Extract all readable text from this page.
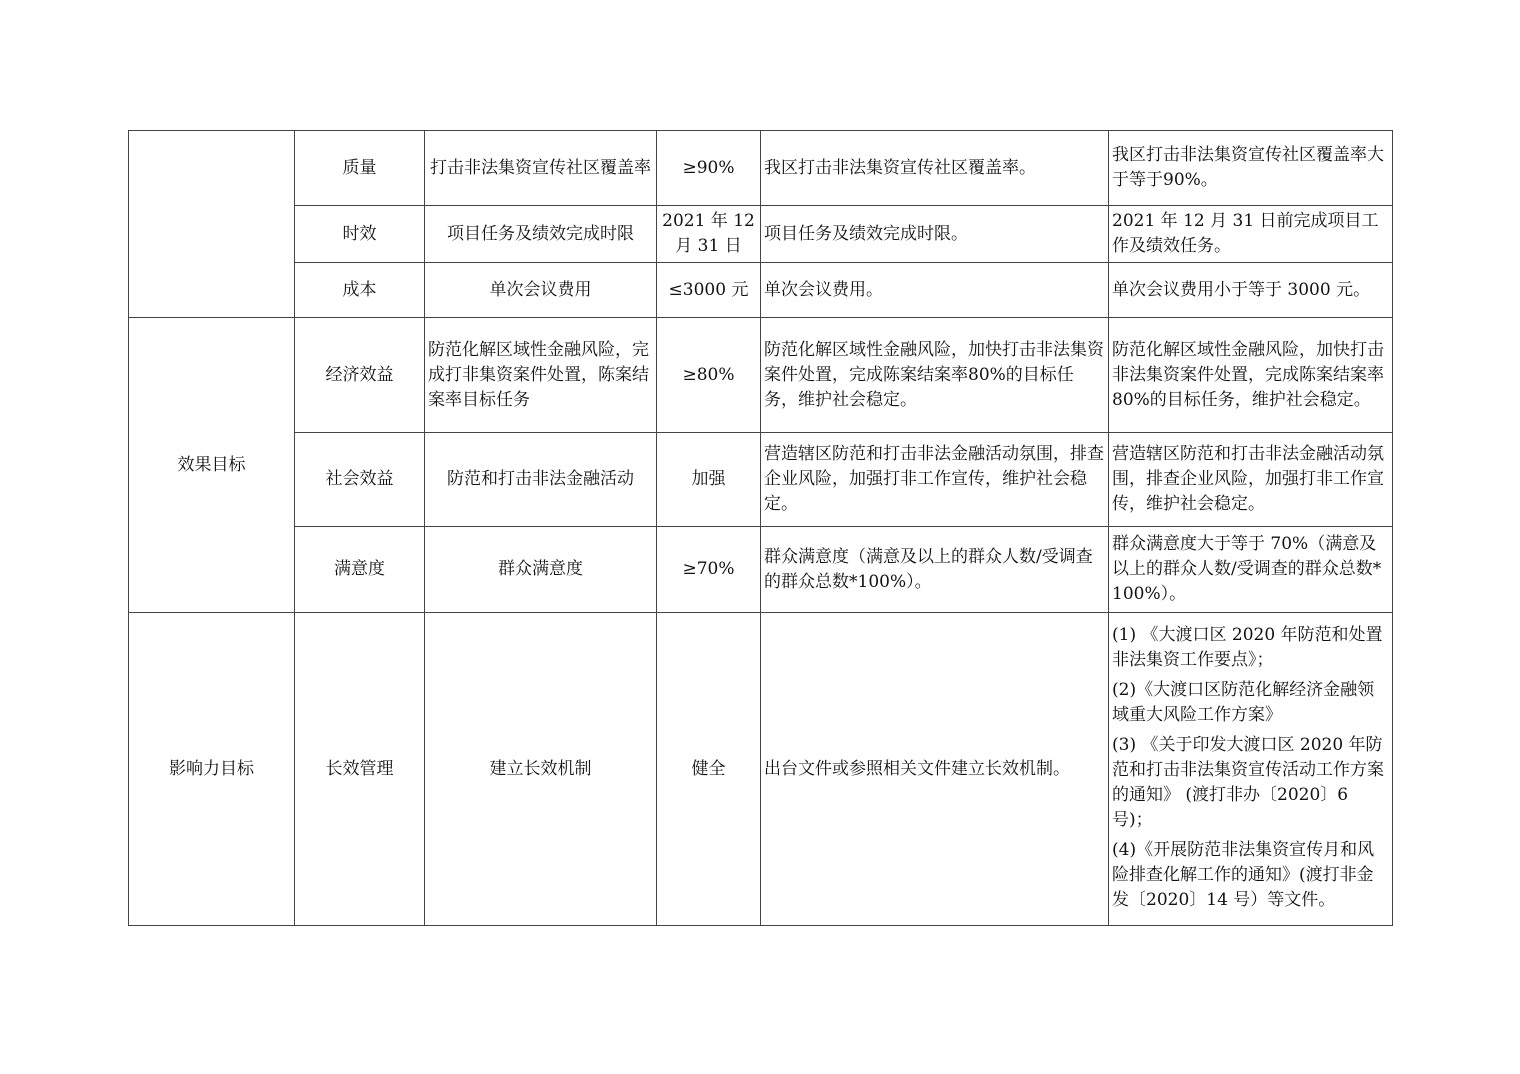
	质量	打击非法集资宣传社区覆盖率	≥90%	我区打击非法集资宣传社区覆盖率。	我区打击非法集资宣传社区覆盖率大于等于90%。
	时效	项目任务及绩效完成时限	2021 年 12 月 31 日	项目任务及绩效完成时限。	2021 年 12 月 31 日前完成项目工作及绩效任务。
	成本	单次会议费用	≤3000 元	单次会议费用。	单次会议费用小于等于 3000 元。
效果目标	经济效益	防范化解区域性金融风险，完成打非集资案件处置，陈案结案率目标任务	≥80%	防范化解区域性金融风险，加快打击非法集资案件处置，完成陈案结案率80%的目标任务，维护社会稳定。	防范化解区域性金融风险，加快打击非法集资案件处置，完成陈案结案率 80%的目标任务，维护社会稳定。
	社会效益	防范和打击非法金融活动	加强	营造辖区防范和打击非法金融活动氛围，排查企业风险，加强打非工作宣传，维护社会稳定。	营造辖区防范和打击非法金融活动氛围，排查企业风险，加强打非工作宣传，维护社会稳定。
	满意度	群众满意度	≥70%	群众满意度（满意及以上的群众人数/受调查的群众总数*100%）。	群众满意度大于等于 70%（满意及以上的群众人数/受调查的群众总数*100%）。
影响力目标	长效管理	建立长效机制	健全	出台文件或参照相关文件建立长效机制。	(1) 《大渡口区 2020 年防范和处置非法集资工作要点》；
(2)《大渡口区防范化解经济金融领域重大风险工作方案》
(3) 《关于印发大渡口区 2020 年防范和打击非法集资宣传活动工作方案的通知》 (渡打非办〔2020〕6 号)；
(4)《开展防范非法集资宣传月和风险排查化解工作的通知》(渡打非金发〔2020〕14 号）等文件。
